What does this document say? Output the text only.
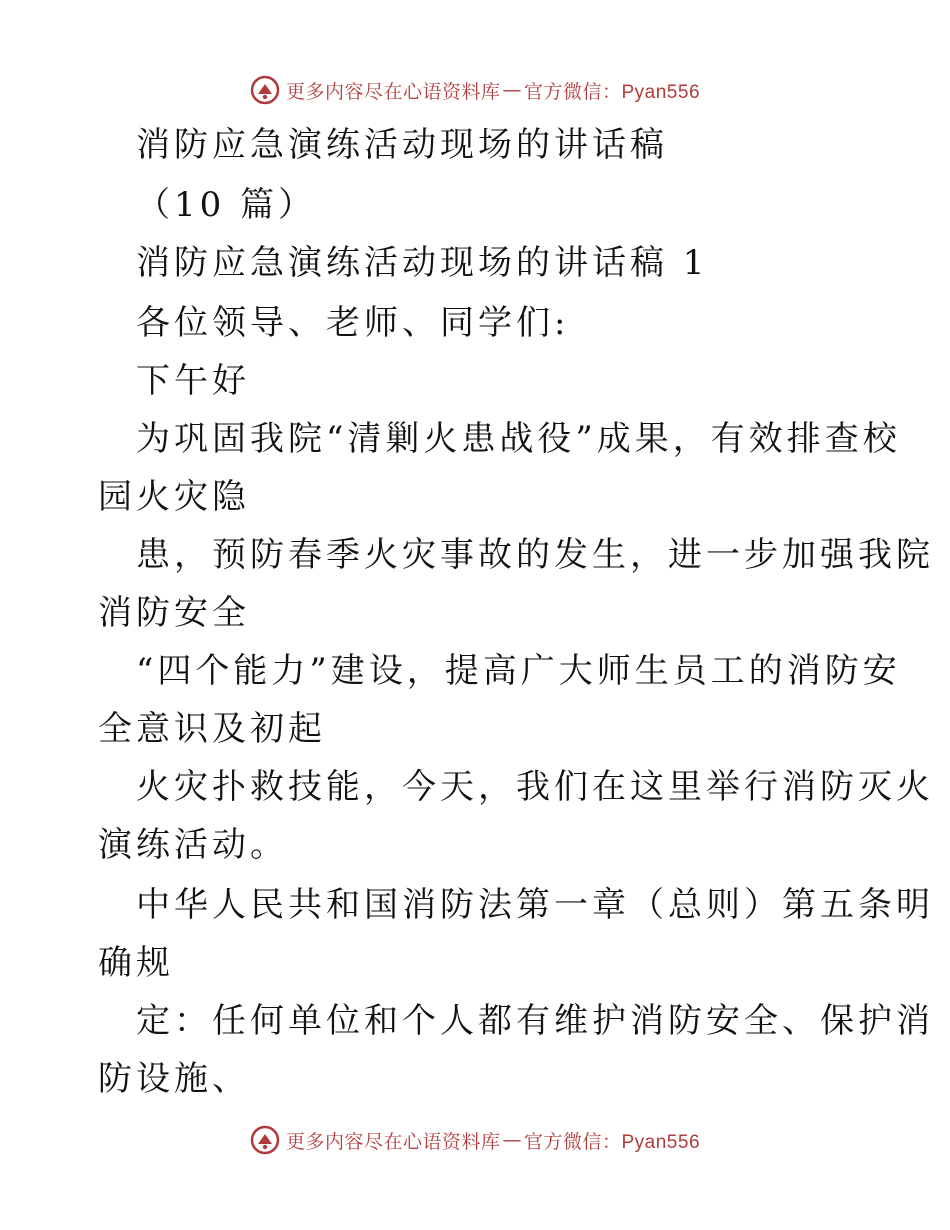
更多内容尽在心语资料库 — 官方微信：Pyan556
消防应急演练活动现场的讲话稿
（10 篇）
消防应急演练活动现场的讲话稿 1
各位领导、老师、同学们:
下午好
为巩固我院“清剿火患战役”成果，有效排查校
园火灾隐
患，预防春季火灾事故的发生，进一步加强我院
消防安全
“四个能力”建设，提高广大师生员工的消防安
全意识及初起
火灾扑救技能，今天，我们在这里举行消防灭火
演练活动。
中华人民共和国消防法第一章（总则）第五条明
确规
定：任何单位和个人都有维护消防安全、保护消
防设施、
更多内容尽在心语资料库 — 官方微信：Pyan556
